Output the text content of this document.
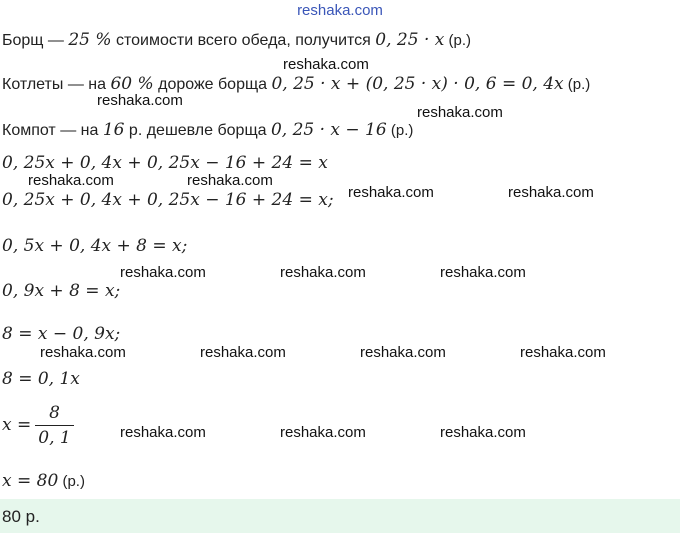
reshaka.com
Борщ — 25 % стоимости всего обеда, получится 0, 25 · x (р.)
Котлеты — на 60 % дороже борща 0, 25 · x + (0, 25 · x) · 0, 6 = 0, 4x (р.)
Компот — на 16 р. дешевле борща 0, 25 · x − 16 (р.)
0, 25x + 0, 4x + 0, 25x − 16 + 24 = x
0, 25x + 0, 4x + 0, 25x − 16 + 24 = x;
0, 5x + 0, 4x + 8 = x;
0, 9x + 8 = x;
8 = x − 0, 9x;
8 = 0, 1x
$x = \frac{8}{0, 1}$
x = 80 (р.)
80 р.
reshaka.com
reshaka.com
reshaka.com
reshaka.com	reshaka.com
reshaka.com	reshaka.com
reshaka.com	reshaka.com	reshaka.com
reshaka.com	reshaka.com	reshaka.com	reshaka.com
reshaka.com	reshaka.com	reshaka.com
